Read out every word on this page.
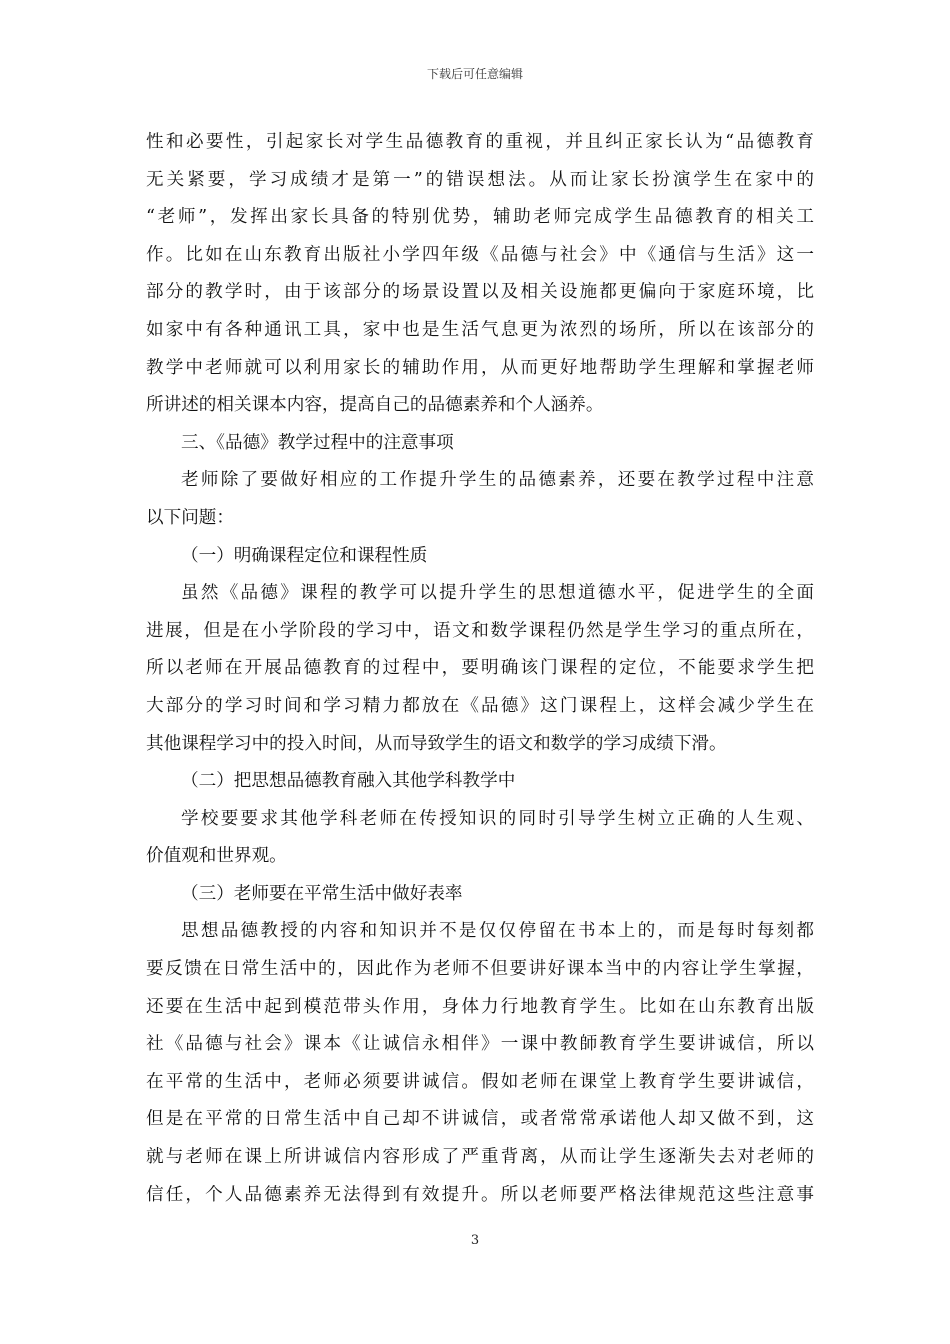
下载后可任意编辑
性和必要性，引起家长对学生品德教育的重视，并且纠正家长认为“品德教育
无关紧要，学习成绩才是第一”的错误想法。从而让家长扮演学生在家中的
“老师”，发挥出家长具备的特别优势，辅助老师完成学生品德教育的相关工
作。比如在山东教育出版社小学四年级《品德与社会》中《通信与生活》这一
部分的教学时，由于该部分的场景设置以及相关设施都更偏向于家庭环境，比
如家中有各种通讯工具，家中也是生活气息更为浓烈的场所，所以在该部分的
教学中老师就可以利用家长的辅助作用，从而更好地帮助学生理解和掌握老师
所讲述的相关课本内容，提高自己的品德素养和个人涵养。
三、《品德》教学过程中的注意事项
老师除了要做好相应的工作提升学生的品德素养，还要在教学过程中注意
以下问题：
（一）明确课程定位和课程性质
虽然《品德》课程的教学可以提升学生的思想道德水平，促进学生的全面
进展，但是在小学阶段的学习中，语文和数学课程仍然是学生学习的重点所在，
所以老师在开展品德教育的过程中，要明确该门课程的定位，不能要求学生把
大部分的学习时间和学习精力都放在《品德》这门课程上，这样会减少学生在
其他课程学习中的投入时间，从而导致学生的语文和数学的学习成绩下滑。
（二）把思想品德教育融入其他学科教学中
学校要要求其他学科老师在传授知识的同时引导学生树立正确的人生观、
价值观和世界观。
（三）老师要在平常生活中做好表率
思想品德教授的内容和知识并不是仅仅停留在书本上的，而是每时每刻都
要反馈在日常生活中的，因此作为老师不但要讲好课本当中的内容让学生掌握，
还要在生活中起到模范带头作用，身体力行地教育学生。比如在山东教育出版
社《品德与社会》课本《让诚信永相伴》一课中教師教育学生要讲诚信，所以
在平常的生活中，老师必须要讲诚信。假如老师在课堂上教育学生要讲诚信，
但是在平常的日常生活中自己却不讲诚信，或者常常承诺他人却又做不到，这
就与老师在课上所讲诚信内容形成了严重背离，从而让学生逐渐失去对老师的
信任，个人品德素养无法得到有效提升。所以老师要严格法律规范这些注意事
3
